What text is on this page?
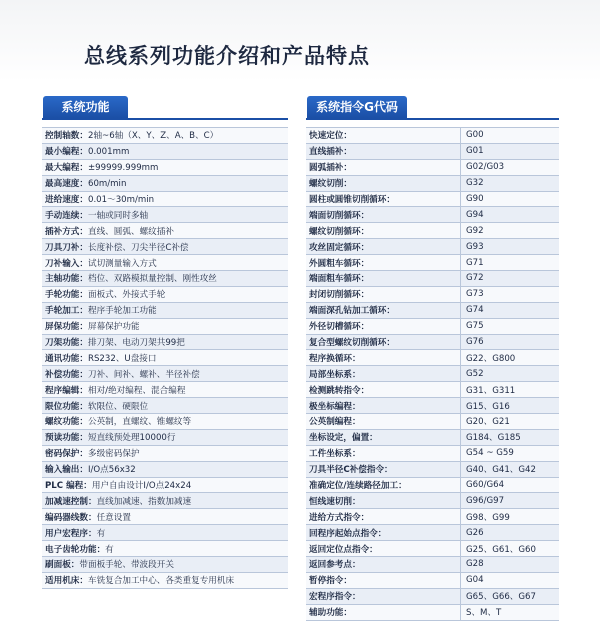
总线系列功能介绍和产品特点
系统功能
控制轴数：2轴~6轴（X、Y、Z、A、B、C）
最小编程：0.001mm
最大编程：±99999.999mm
最高速度：60m/min
进给速度：0.01～30m/min
手动连续：一轴或同时多轴
插补方式：直线、圆弧、螺纹插补
刀具刀补：长度补偿、刀尖半径C补偿
刀补输入：试切测量输入方式
主轴功能：档位、双路模拟量控制、刚性攻丝
手轮功能：面板式、外接式手轮
手轮加工：程序手轮加工功能
屏保功能：屏幕保护功能
刀架功能：排刀架、电动刀架共99把
通讯功能：RS232、U盘接口
补偿功能：刀补、间补、螺补、半径补偿
程序编辑：相对/绝对编程、混合编程
限位功能：软限位、硬限位
螺纹功能：公英制，直螺纹、锥螺纹等
预读功能：短直线预处理10000行
密码保护：多级密码保护
输入输出：I/O点56x32
PLC 编程：用户自由设计I/O点24x24
加减速控制：直线加减速、指数加减速
编码器线数：任意设置
用户宏程序：有
电子齿轮功能：有
刷面板：带面板手轮、带波段开关
适用机床：车铣复合加工中心、各类重复专用机床
系统指令G代码
快速定位：	G00
直线插补：	G01
圆弧插补：	G02/G03
螺纹切削：	G32
圆柱或圆锥切削循环：	G90
端面切削循环：	G94
螺纹切削循环：	G92
攻丝固定循环：	G93
外圆粗车循环：	G71
端面粗车循环：	G72
封闭切削循环：	G73
端面深孔钻加工循环：	G74
外径切槽循环：	G75
复合型螺纹切削循环：	G76
程序换循环：	G22、G800
局部坐标系：	G52
检测跳转指令：	G31、G311
极坐标编程：	G15、G16
公英制编程：	G20、G21
坐标设定，偏置：	G184、G185
工件坐标系：	G54 ~ G59
刀具半径C补偿指令：	G40、G41、G42
准确定位/连续路径加工：	G60/G64
恒线速切削：	G96/G97
进给方式指令：	G98、G99
回程序起始点指令：	G26
返回定位点指令：	G25、G61、G60
返回参考点：	G28
暂停指令：	G04
宏程序指令：	G65、G66、G67
辅助功能：	S、M、T
